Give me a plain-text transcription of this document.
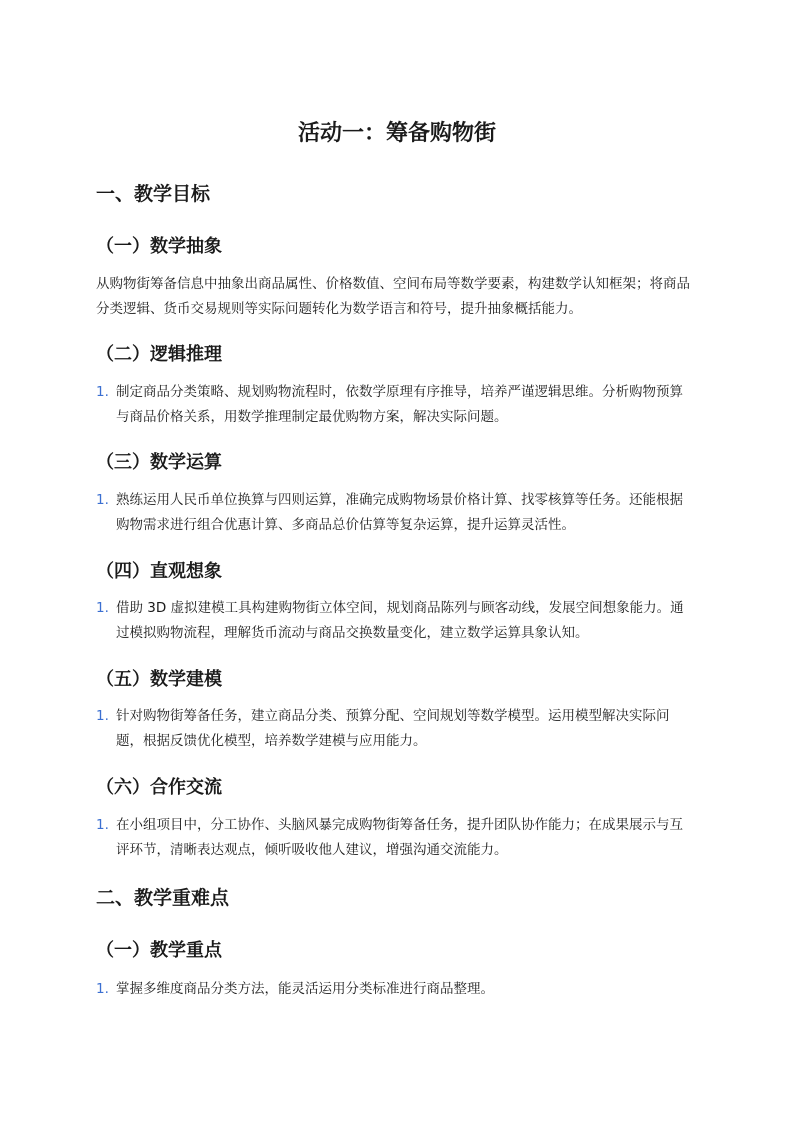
活动一：筹备购物街
一、教学目标
（一）数学抽象

从购物街筹备信息中抽象出商品属性、价格数值、空间布局等数学要素，构建数学认知框架；将商品分类逻辑、货币交易规则等实际问题转化为数学语言和符号，提升抽象概括能力。

（二）逻辑推理
1. 制定商品分类策略、规划购物流程时，依数学原理有序推导，培养严谨逻辑思维。分析购物预算与商品价格关系，用数学推理制定最优购物方案，解决实际问题。
（三）数学运算
1. 熟练运用人民币单位换算与四则运算，准确完成购物场景价格计算、找零核算等任务。还能根据购物需求进行组合优惠计算、多商品总价估算等复杂运算，提升运算灵活性。
（四）直观想象
1. 借助 3D 虚拟建模工具构建购物街立体空间，规划商品陈列与顾客动线，发展空间想象能力。通过模拟购物流程，理解货币流动与商品交换数量变化，建立数学运算具象认知。
（五）数学建模
1. 针对购物街筹备任务，建立商品分类、预算分配、空间规划等数学模型。运用模型解决实际问题，根据反馈优化模型，培养数学建模与应用能力。
（六）合作交流
1. 在小组项目中，分工协作、头脑风暴完成购物街筹备任务，提升团队协作能力；在成果展示与互评环节，清晰表达观点，倾听吸收他人建议，增强沟通交流能力。
二、教学重难点
（一）教学重点
1. 掌握多维度商品分类方法，能灵活运用分类标准进行商品整理。
